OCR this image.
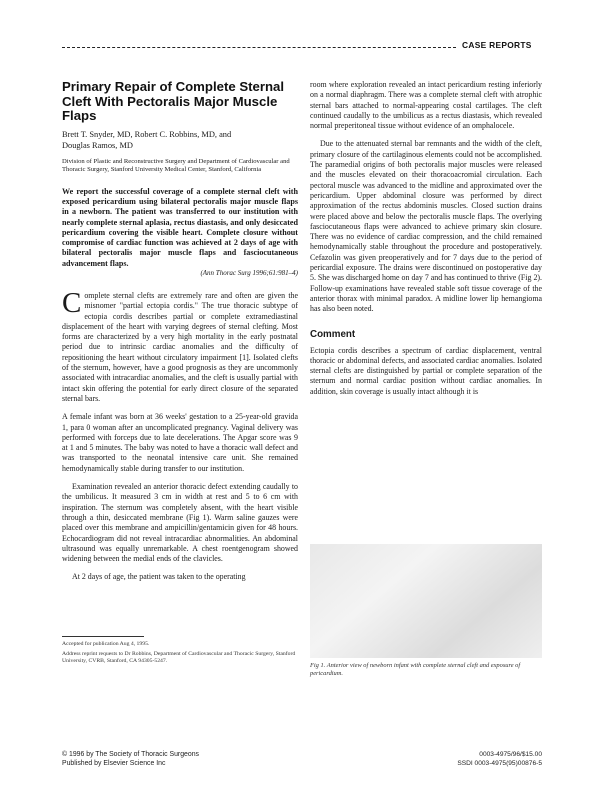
CASE REPORTS
Primary Repair of Complete Sternal Cleft With Pectoralis Major Muscle Flaps

Brett T. Snyder, MD, Robert C. Robbins, MD, and
Douglas Ramos, MD

Division of Plastic and Reconstructive Surgery and Department of Cardiovascular and Thoracic Surgery, Stanford University Medical Center, Stanford, California

We report the successful coverage of a complete sternal cleft with exposed pericardium using bilateral pectoralis major muscle flaps in a newborn. The patient was transferred to our institution with nearly complete sternal aplasia, rectus diastasis, and only desiccated pericardium covering the visible heart. Complete closure without compromise of cardiac function was achieved at 2 days of age with bilateral pectoralis major muscle flaps and fasciocutaneous advancement flaps.

(Ann Thorac Surg 1996;61:981–4)

Complete sternal clefts are extremely rare and often are given the misnomer "partial ectopia cordis." The true thoracic subtype of ectopia cordis describes partial or complete extramediastinal displacement of the heart with varying degrees of sternal clefting. Most forms are characterized by a very high mortality in the early postnatal period due to intrinsic cardiac anomalies and the difficulty of repositioning the heart without circulatory impairment [1]. Isolated clefts of the sternum, however, have a good prognosis as they are uncommonly associated with intracardiac anomalies, and the cleft is usually partial with intact skin offering the potential for early direct closure of the separated sternal bars.

A female infant was born at 36 weeks' gestation to a 25-year-old gravida 1, para 0 woman after an uncomplicated pregnancy. Vaginal delivery was performed with forceps due to late decelerations. The Apgar score was 9 at 1 and 5 minutes. The baby was noted to have a thoracic wall defect and was transported to the neonatal intensive care unit. She remained hemodynamically stable during transfer to our institution.

Examination revealed an anterior thoracic defect extending caudally to the umbilicus. It measured 3 cm in width at rest and 5 to 6 cm with inspiration. The sternum was completely absent, with the heart visible through a thin, desiccated membrane (Fig 1). Warm saline gauzes were placed over this membrane and ampicillin/gentamicin given for 48 hours. Echocardiogram did not reveal intracardiac abnormalities. An abdominal ultrasound was equally unremarkable. A chest roentgenogram showed widening between the medial ends of the clavicles.

At 2 days of age, the patient was taken to the operating

Accepted for publication Aug 4, 1995.
Address reprint requests to Dr Robbins, Department of Cardiovascular and Thoracic Surgery, Stanford University, CVRB, Stanford, CA 94305-5247.

room where exploration revealed an intact pericardium resting inferiorly on a normal diaphragm. There was a complete sternal cleft with atrophic sternal bars attached to normal-appearing costal cartilages. The cleft continued caudally to the umbilicus as a rectus diastasis, which revealed normal preperitoneal tissue without evidence of an omphalocele.

Due to the attenuated sternal bar remnants and the width of the cleft, primary closure of the cartilaginous elements could not be accomplished. The paramedial origins of both pectoralis major muscles were released and the muscles elevated on their thoracoacromial circulation. Each pectoral muscle was advanced to the midline and approximated over the pericardium. Upper abdominal closure was performed by direct approximation of the rectus abdominis muscles. Closed suction drains were placed above and below the pectoralis muscle flaps. The overlying fasciocutaneous flaps were advanced to achieve primary skin closure. There was no evidence of cardiac compression, and the child remained hemodynamically stable throughout the procedure and postoperatively. Cefazolin was given preoperatively and for 7 days due to the period of pericardial exposure. The drains were discontinued on postoperative day 5. She was discharged home on day 7 and has continued to thrive (Fig 2). Follow-up examinations have revealed stable soft tissue coverage of the anterior thorax with minimal paradox. A midline lower lip hemangioma has also been noted.

Comment

Ectopia cordis describes a spectrum of cardiac displacement, ventral thoracic or abdominal defects, and associated cardiac anomalies. Isolated sternal clefts are distinguished by partial or complete separation of the sternum and normal cardiac position without cardiac anomalies. In addition, skin coverage is usually intact although it is

Fig 1. Anterior view of newborn infant with complete sternal cleft and exposure of pericardium.
© 1996 by The Society of Thoracic Surgeons
Published by Elsevier Science Inc
0003-4975/96/$15.00
SSDI 0003-4975(95)00876-5
